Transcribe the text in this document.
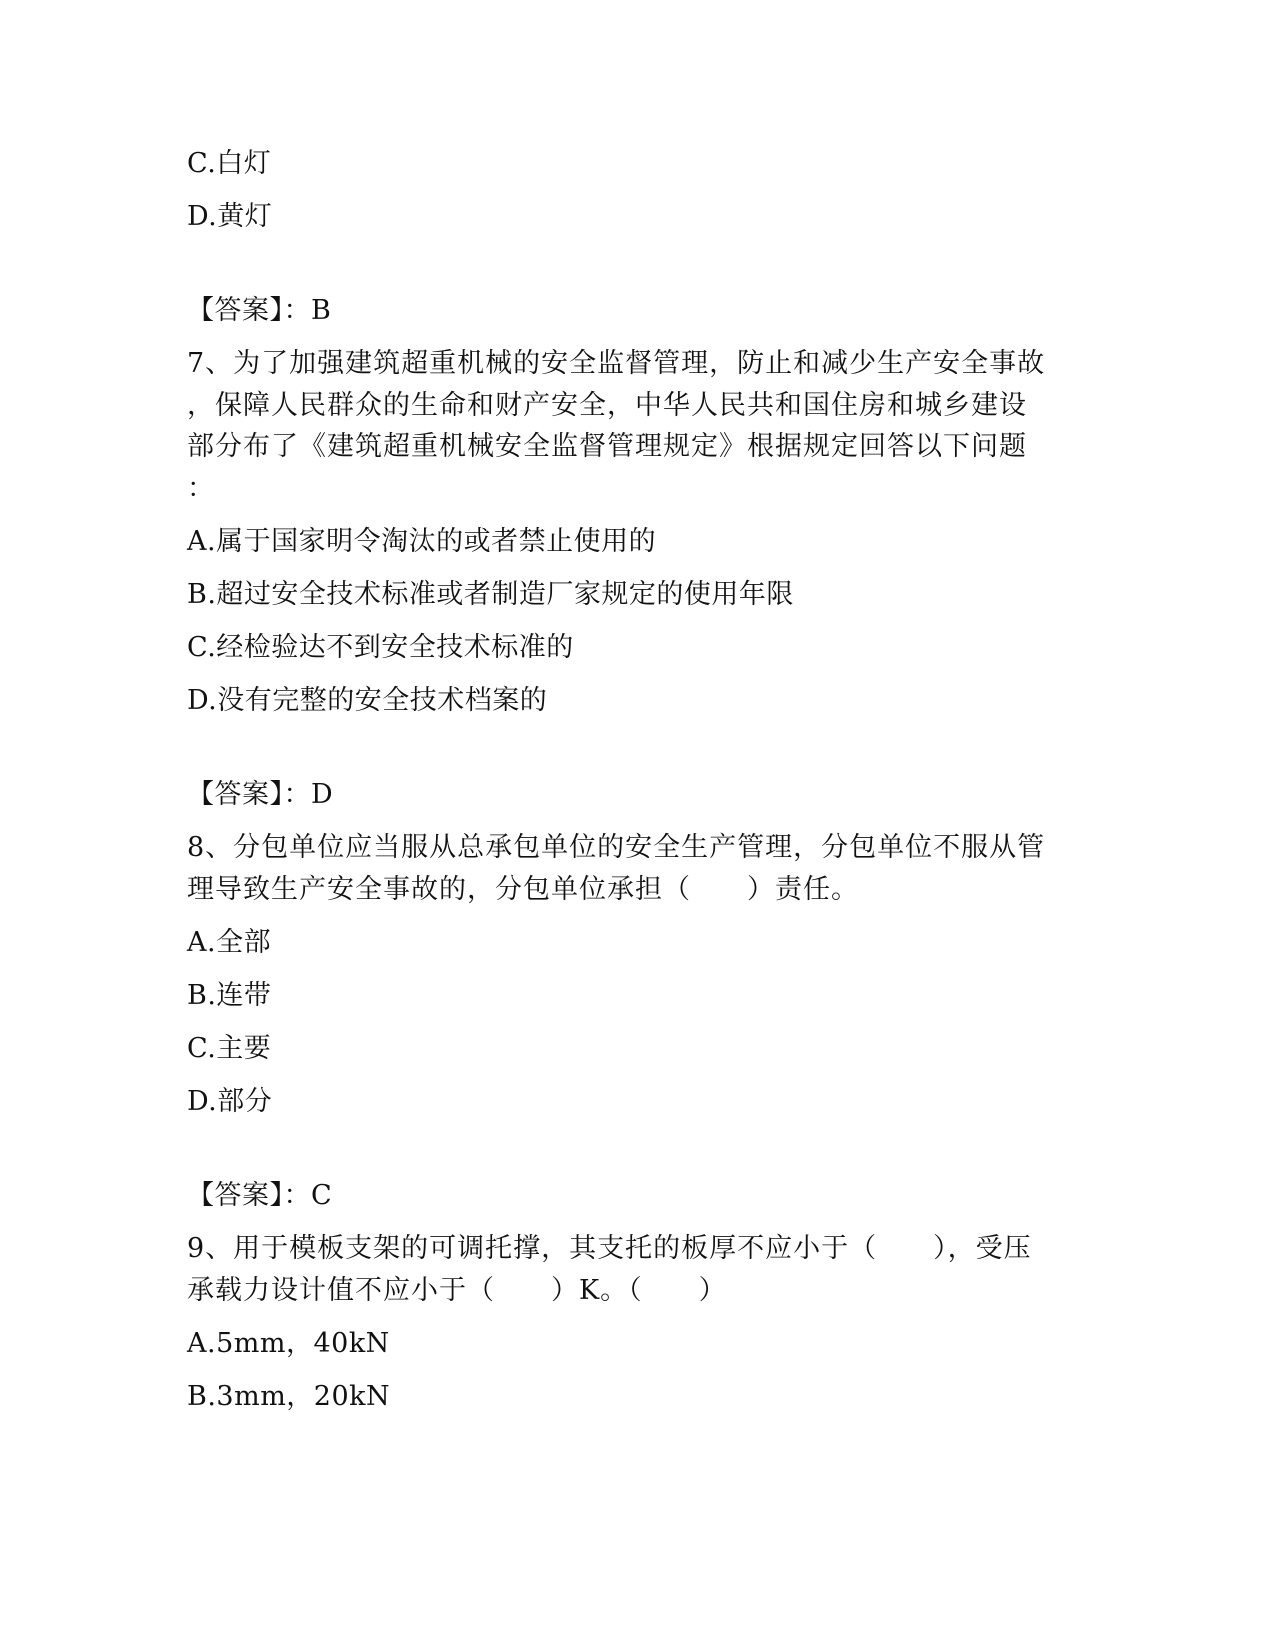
C.白灯
D.黄灯
【答案】：B
7、为了加强建筑超重机械的安全监督管理，防止和减少生产安全事故
，保障人民群众的生命和财产安全，中华人民共和国住房和城乡建设
部分布了《建筑超重机械安全监督管理规定》根据规定回答以下问题
：
A.属于国家明令淘汰的或者禁止使用的
B.超过安全技术标准或者制造厂家规定的使用年限
C.经检验达不到安全技术标准的
D.没有完整的安全技术档案的
【答案】：D
8、分包单位应当服从总承包单位的安全生产管理，分包单位不服从管
理导致生产安全事故的，分包单位承担（　　）责任。
A.全部
B.连带
C.主要
D.部分
【答案】：C
9、用于模板支架的可调托撑，其支托的板厚不应小于（　　），受压
承载力设计值不应小于（　　）K。（　　）
A.5mm，40kN
B.3mm，20kN
